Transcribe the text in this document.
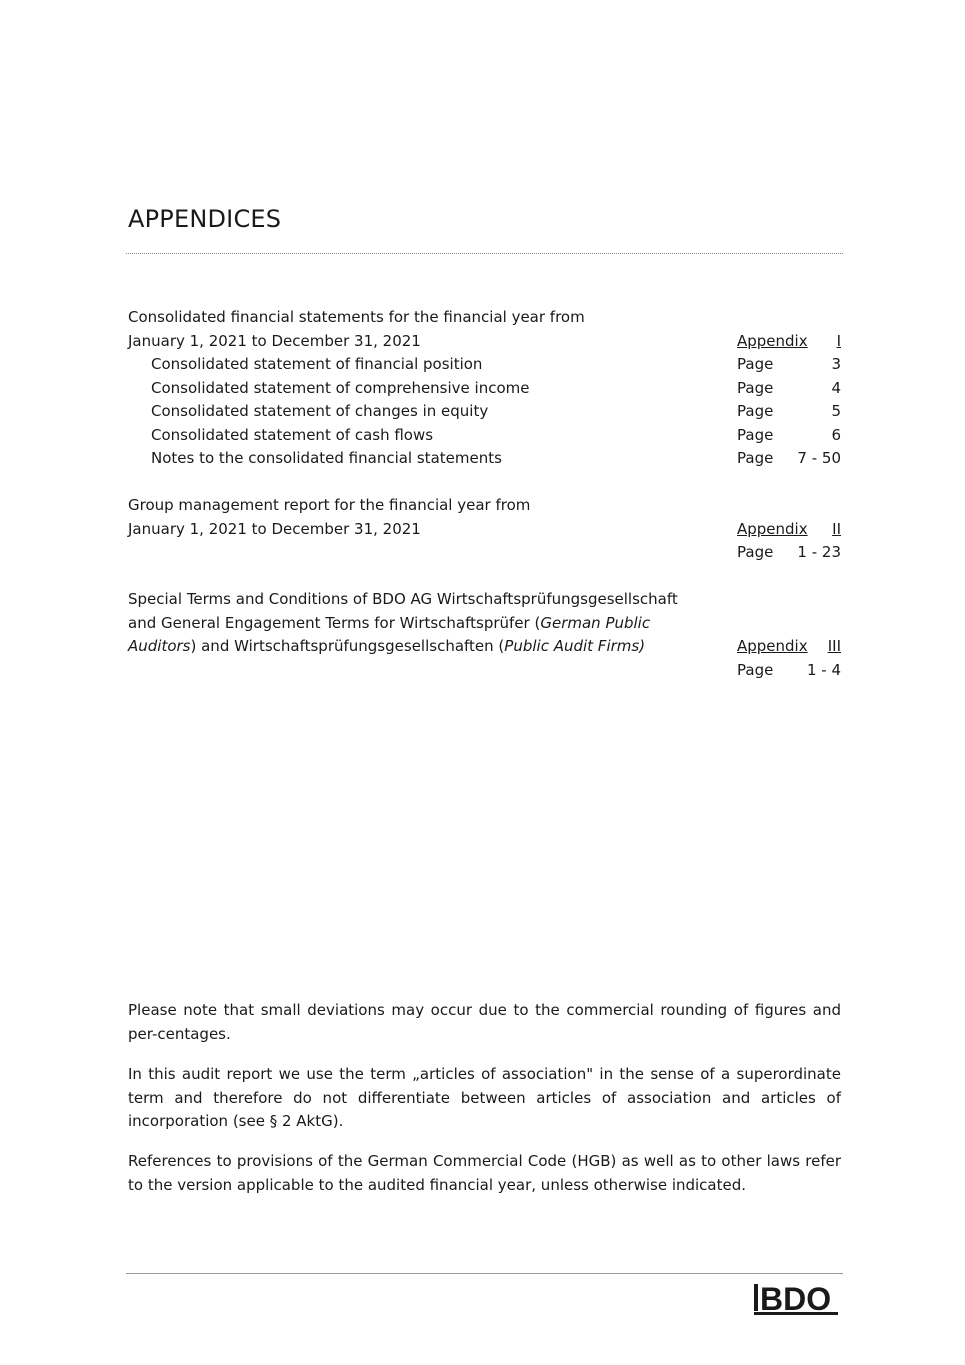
APPENDICES
Consolidated financial statements for the financial year from
January 1, 2021 to December 31, 2021	Appendix I
Consolidated statement of financial position	Page	3
Consolidated statement of comprehensive income	Page	4
Consolidated statement of changes in equity	Page	5
Consolidated statement of cash flows	Page	6
Notes to the consolidated financial statements	Page 7 - 50
Group management report for the financial year from
January 1, 2021 to December 31, 2021	Appendix II
Page 1 - 23
Special Terms and Conditions of BDO AG Wirtschaftsprüfungsgesellschaft
and General Engagement Terms for Wirtschaftsprüfer (German Public
Auditors) and Wirtschaftsprüfungsgesellschaften (Public Audit Firms)	Appendix III
Page 1 - 4
Please note that small deviations may occur due to the commercial rounding of figures and per-centages.
In this audit report we use the term „articles of association" in the sense of a superordinate term and therefore do not differentiate between articles of association and articles of incorporation (see § 2 AktG).
References to provisions of the German Commercial Code (HGB) as well as to other laws refer to the version applicable to the audited financial year, unless otherwise indicated.
BDO
